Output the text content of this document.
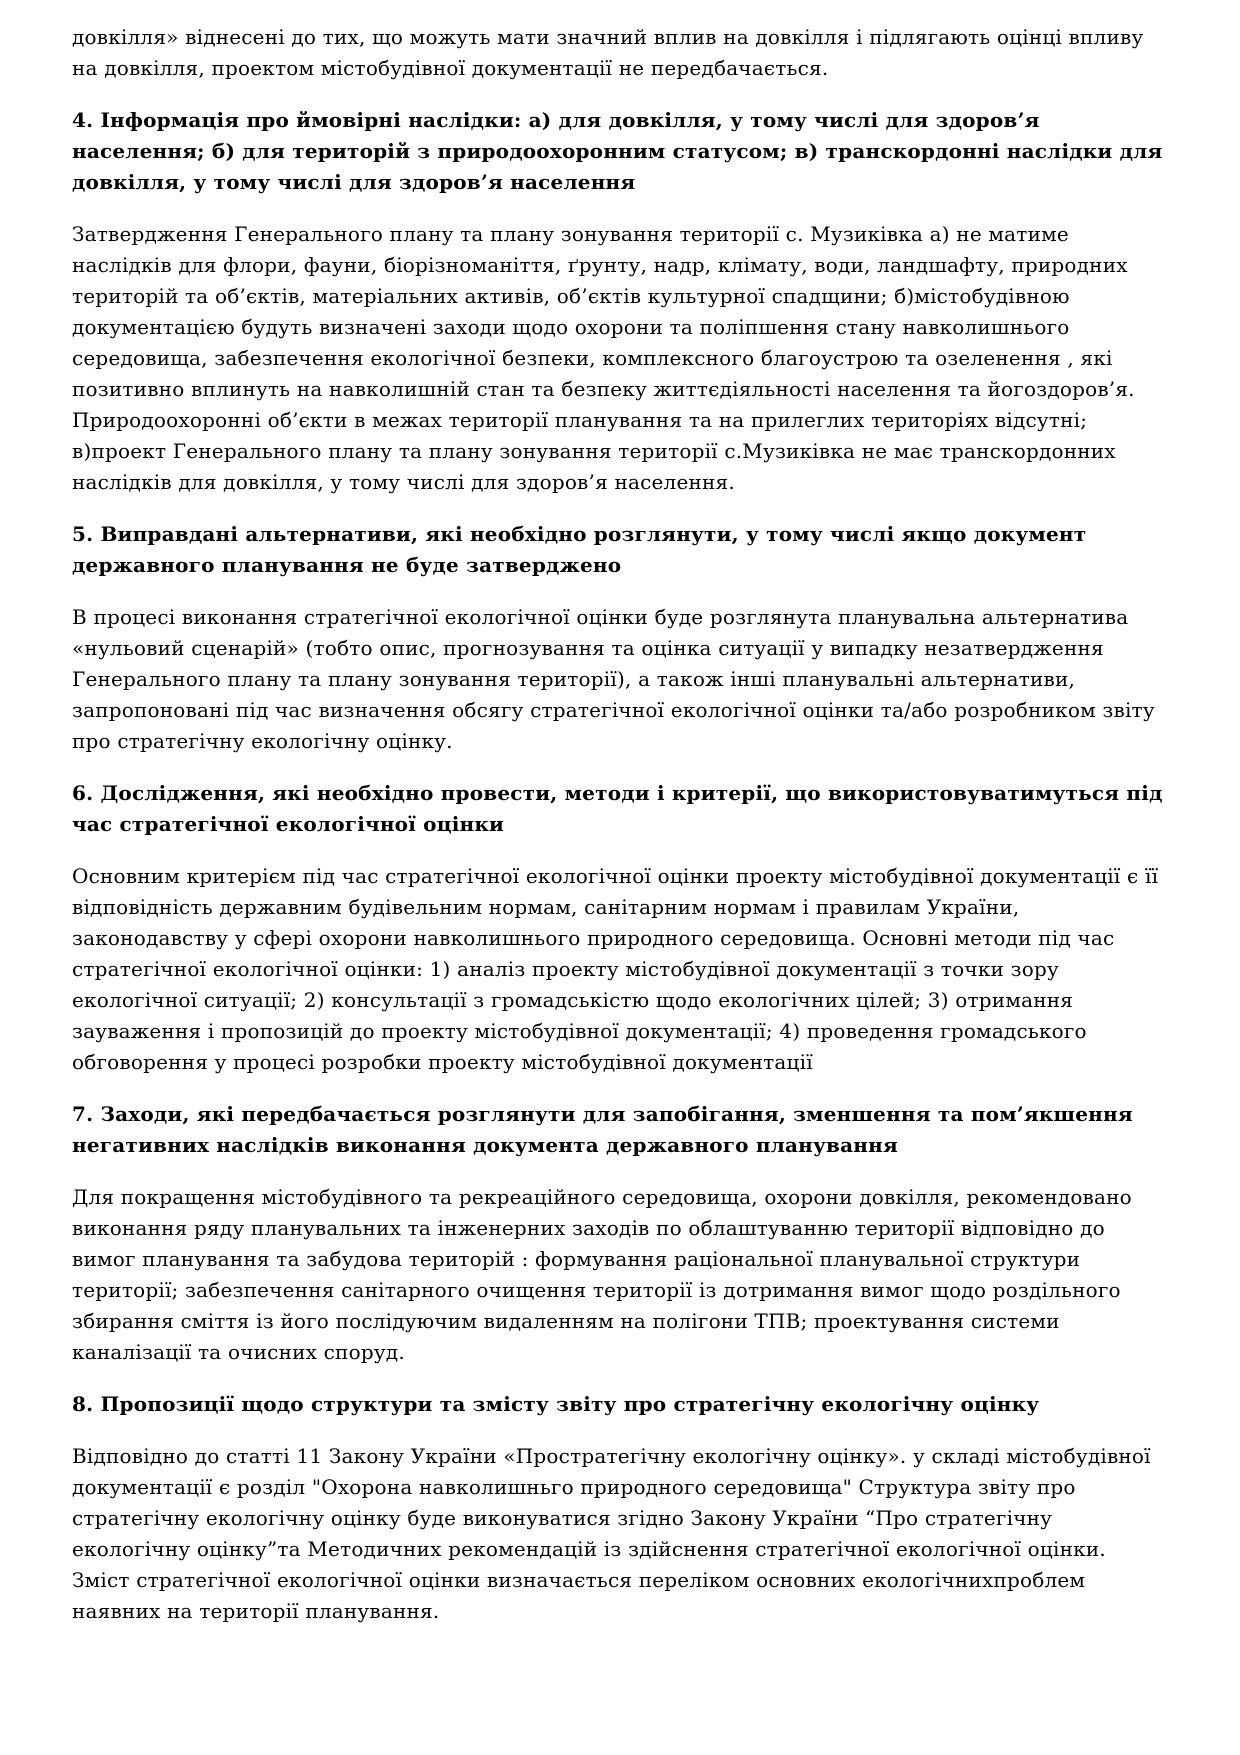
довкілля» віднесені до тих, що можуть мати значний вплив на довкілля і підлягають оцінці впливу на довкілля, проектом містобудівної документації не передбачається.

4. Інформація про ймовірні наслідки: а) для довкілля, у тому числі для здоров’я населення; б) для територій з природоохоронним статусом; в) транскордонні наслідки для довкілля, у тому числі для здоров’я населення

Затвердження Генерального плану та плану зонування території с. Музиківка а) не матиме наслідків для флори, фауни, біорізноманіття, ґрунту, надр, клімату, води, ландшафту, природних територій та об’єктів, матеріальних активів, об’єктів культурної спадщини; б)містобудівною документацією будуть визначені заходи щодо охорони та поліпшення стану навколишнього середовища, забезпечення екологічної безпеки, комплексного благоустрою та озеленення , які позитивно вплинуть на навколишній стан та безпеку життєдіяльності населення та йогоздоров’я. Природоохоронні об’єкти в межах території планування та на прилеглих територіях відсутні; в)проект Генерального плану та плану зонування території с.Музиківка не має транскордонних наслідків для довкілля, у тому числі для здоров’я населення.

5. Виправдані альтернативи, які необхідно розглянути, у тому числі якщо документ державного планування не буде затверджено

В процесі виконання стратегічної екологічної оцінки буде розглянута планувальна альтернатива «нульовий сценарій» (тобто опис, прогнозування та оцінка ситуації у випадку незатвердження Генерального плану та плану зонування території), а також інші планувальні альтернативи, запропоновані під час визначення обсягу стратегічної екологічної оцінки та/або розробником звіту про стратегічну екологічну оцінку.

6. Дослідження, які необхідно провести, методи і критерії, що використовуватимуться під час стратегічної екологічної оцінки

Основним критерієм під час стратегічної екологічної оцінки проекту містобудівної документації є її відповідність державним будівельним нормам, санітарним нормам і правилам України, законодавству у сфері охорони навколишнього природного середовища. Основні методи під час стратегічної екологічної оцінки: 1) аналіз проекту містобудівної документації з точки зору екологічної ситуації; 2) консультації з громадськістю щодо екологічних цілей; 3) отримання зауваження і пропозицій до проекту містобудівної документації; 4) проведення громадського обговорення у процесі розробки проекту містобудівної документації

7. Заходи, які передбачається розглянути для запобігання, зменшення та пом’якшення негативних наслідків виконання документа державного планування

Для покращення містобудівного та рекреаційного середовища, охорони довкілля, рекомендовано виконання ряду планувальних та інженерних заходів по облаштуванню території відповідно до вимог планування та забудова територій : формування раціональної планувальної структури території; забезпечення санітарного очищення території із дотримання вимог щодо роздільного збирання сміття із його послідуючим видаленням на полігони ТПВ; проектування системи каналізації та очисних споруд.

8. Пропозиції щодо структури та змісту звіту про стратегічну екологічну оцінку

Відповідно до статті 11 Закону України «Простратегічну екологічну оцінку». у складі містобудівної документації є розділ "Охорона навколишньго природного середовища" Структура звіту про стратегічну екологічну оцінку буде виконуватися згідно Закону України “Про стратегічну екологічну оцінку”та Методичних рекомендацій із здійснення стратегічної екологічної оцінки. Зміст стратегічної екологічної оцінки визначається переліком основних екологічнихпроблем наявних на території планування.
